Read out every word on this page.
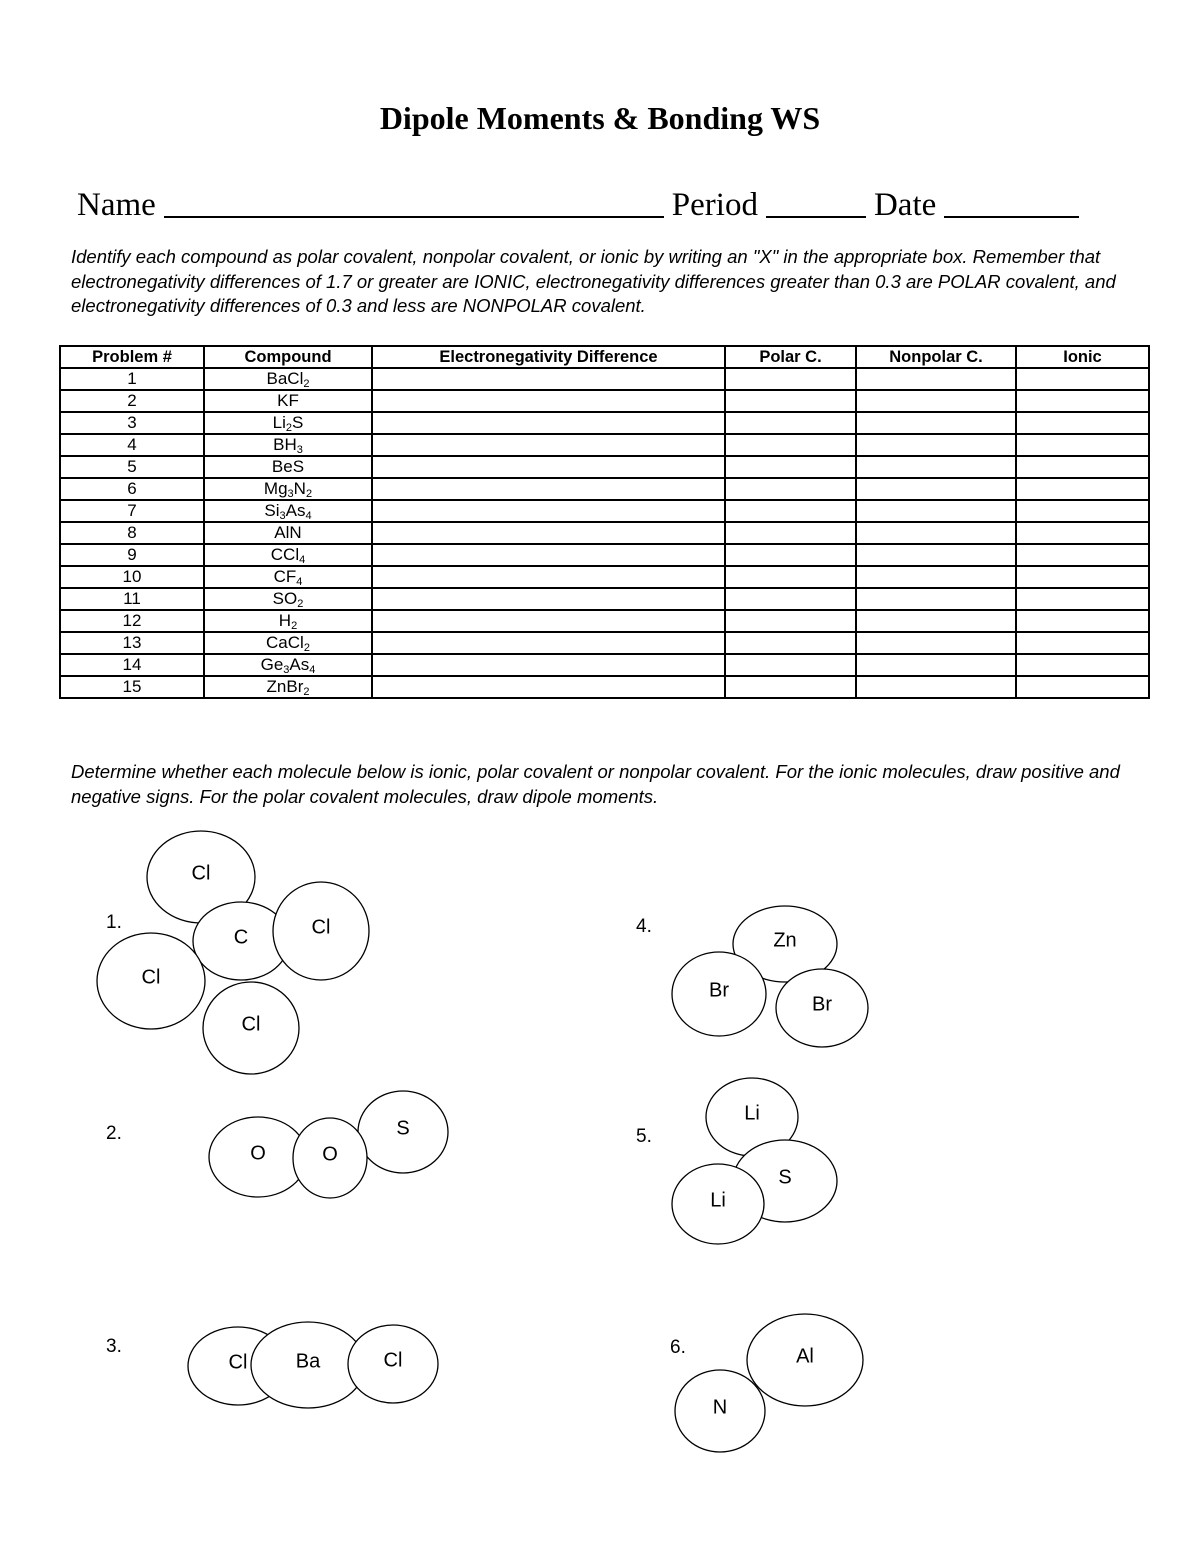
Dipole Moments & Bonding WS
Name	Period	Date
Identify each compound as polar covalent, nonpolar covalent, or ionic by writing an "X" in the appropriate box. Remember that electronegativity differences of 1.7 or greater are IONIC, electronegativity differences greater than 0.3 are POLAR covalent, and electronegativity differences of 0.3 and less are NONPOLAR covalent.
Problem #	Compound	Electronegativity Difference	Polar C.	Nonpolar C.	Ionic
1	BaCl$_2$				
2	KF				
3	$Li_2S$				
4	$BH_3$				
5	BeS				
6	$Mg_3N_2$				
7	$Si_3As_4$				
8	AlN				
9	CCl$_4$				
10	$CF_4$				
11	$SO_2$				
12	$H_2$				
13	CaCl$_2$				
14	$Ge_3As_4$				
15	ZnBr$_2$				
Determine whether each molecule below is ionic, polar covalent or nonpolar covalent. For the ionic molecules, draw positive and negative signs. For the polar covalent molecules, draw dipole moments.
1.
Cl
C	Cl
Cl
Cl
2.
O
S
O
3.
Cl Ba	Cl
4.
Zn
Br
Br
5.
Li
S
Li
6.	Al
N
